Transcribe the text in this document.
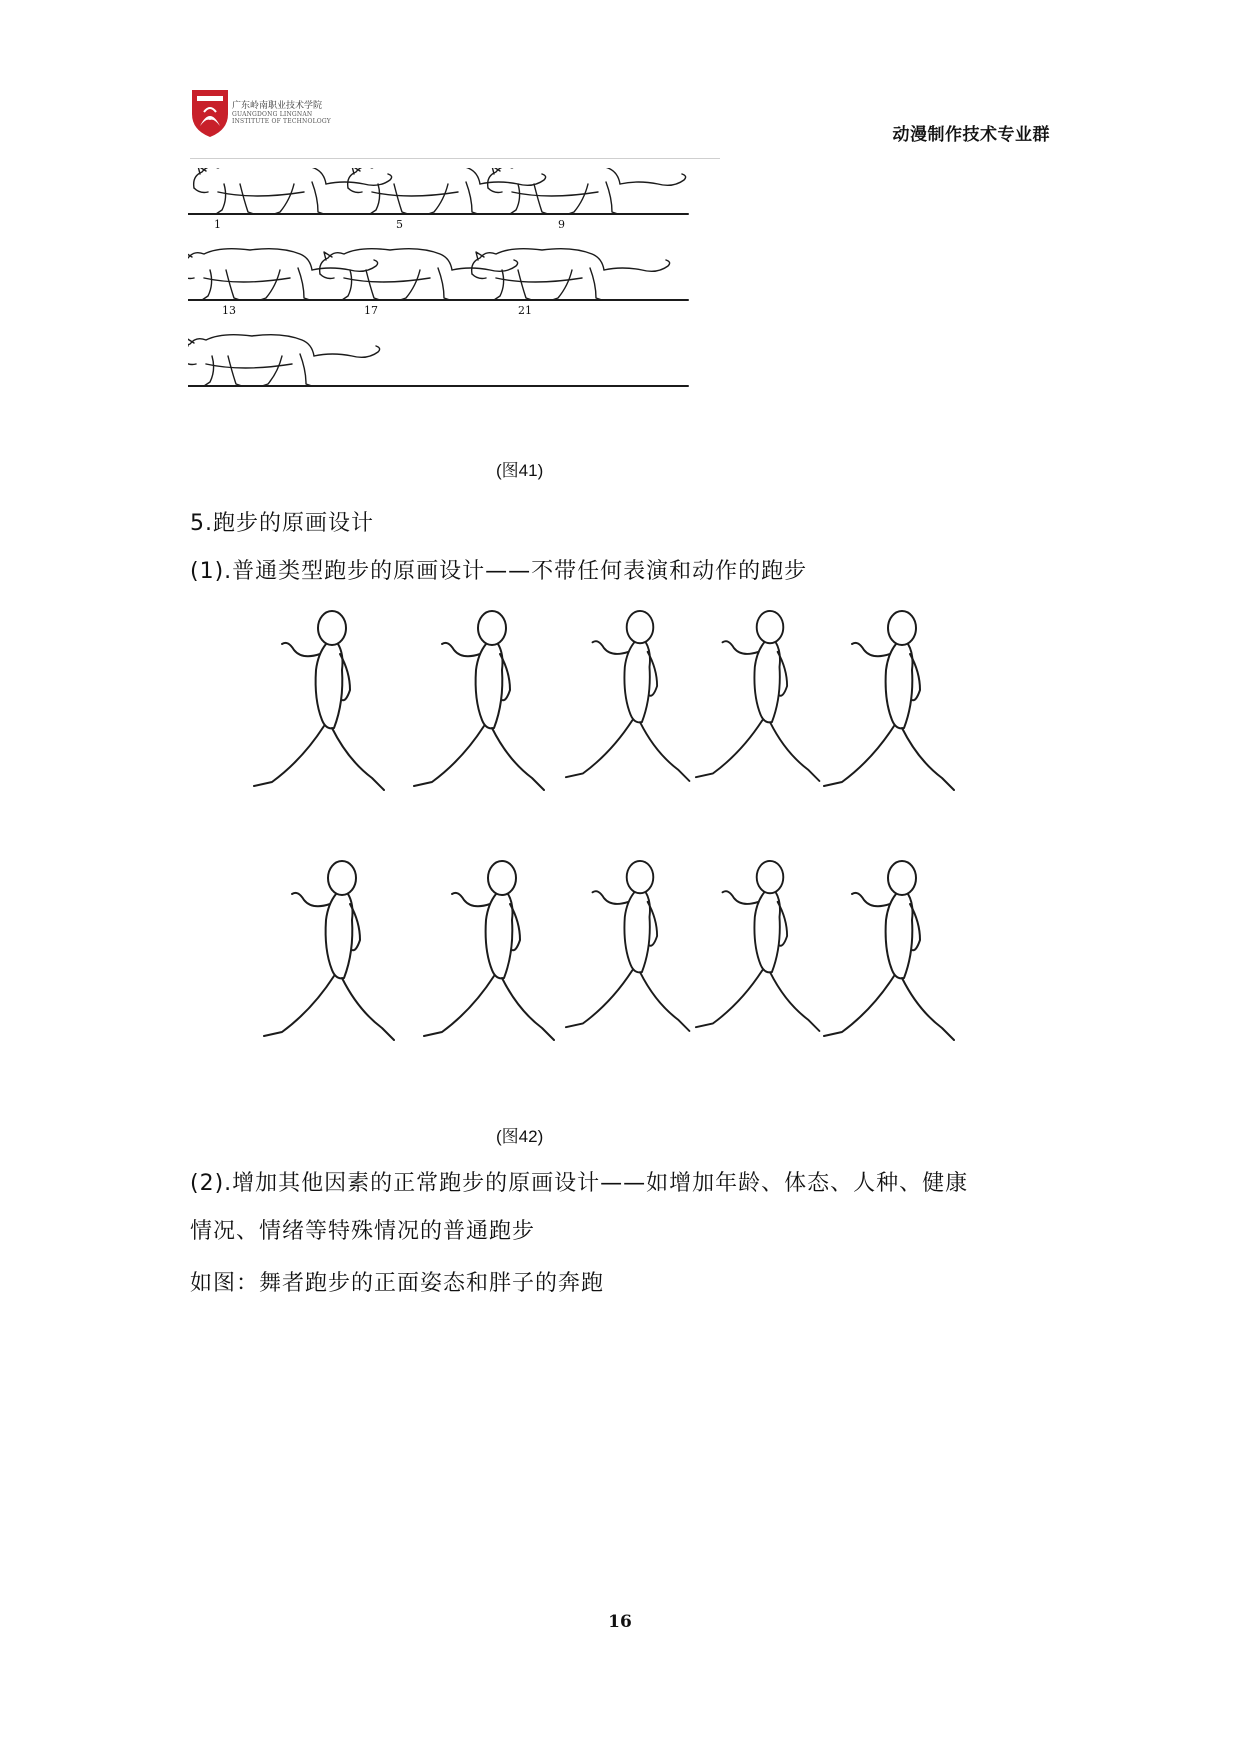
广东岭南职业技术学院
GUANGDONG LINGNAN
INSTITUTE OF TECHNOLOGY
动漫制作技术专业群
1	5	9
13	17	21
(图41)
5.跑步的原画设计
(1).普通类型跑步的原画设计——不带任何表演和动作的跑步
(图42)
(2).增加其他因素的正常跑步的原画设计——如增加年龄、体态、人种、健康
情况、情绪等特殊情况的普通跑步
如图：舞者跑步的正面姿态和胖子的奔跑
16
